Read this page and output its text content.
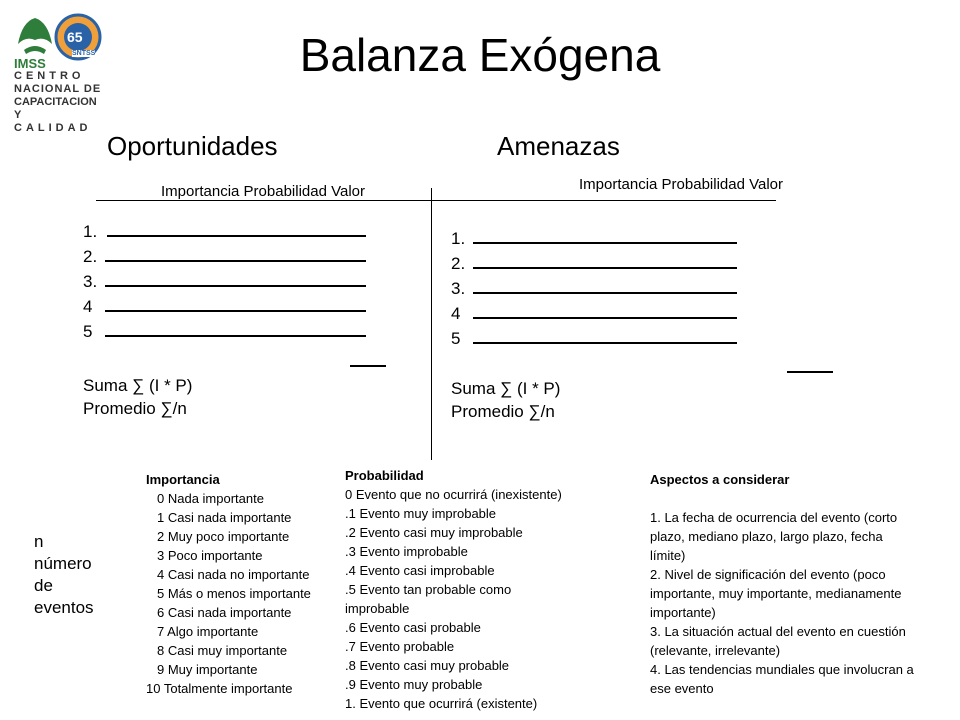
IMSS
65
SNTSS
CENTRO
NACIONAL DE
CAPACITACION
Y CALIDAD
Balanza Exógena
Oportunidades	Amenazas
Importancia Probabilidad Valor	Importancia Probabilidad Valor
1.
2.
3.
4
5
Suma ∑ (I * P)
Promedio ∑/n
1.
2.
3.
4
5
Suma ∑ (I * P)
Promedio ∑/n
n
número
de
eventos
Importancia
0 Nada importante
1 Casi nada importante
2 Muy poco importante
3 Poco importante
4 Casi nada no importante
5 Más o menos importante
6 Casi nada importante
7 Algo importante
8 Casi muy importante
9 Muy importante
10 Totalmente importante
Probabilidad
0 Evento que no ocurrirá (inexistente)
.1 Evento muy improbable
.2 Evento casi muy improbable
.3 Evento improbable
.4 Evento casi improbable
.5 Evento tan probable como improbable
.6 Evento casi probable
.7 Evento probable
.8 Evento casi muy probable
.9 Evento muy probable
1. Evento que ocurrirá (existente)
Aspectos a considerar
1. La fecha de ocurrencia del evento (corto plazo, mediano plazo, largo plazo, fecha límite)
2. Nivel de significación del evento (poco importante, muy importante, medianamente importante)
3. La situación actual del evento en cuestión (relevante, irrelevante)
4. Las tendencias mundiales que involucran a ese evento
